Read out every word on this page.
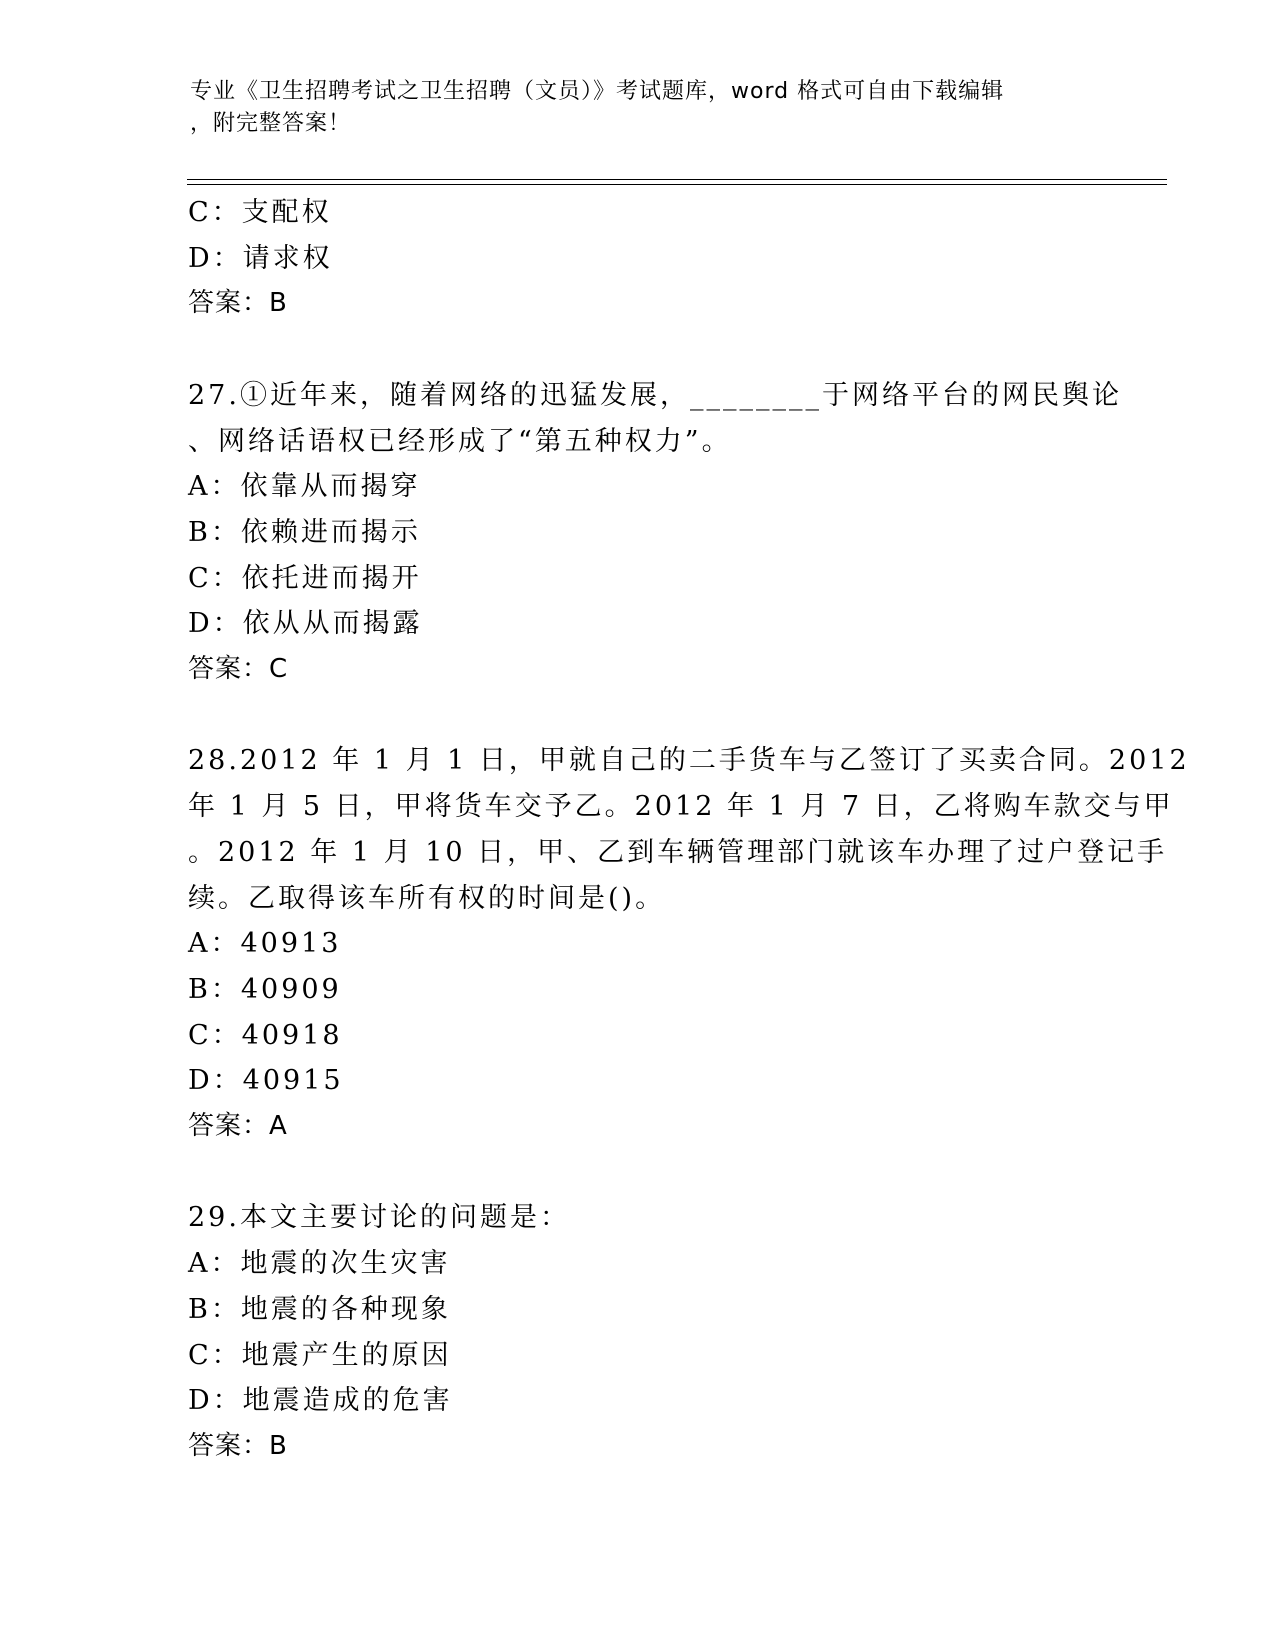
专业《卫生招聘考试之卫生招聘（文员）》考试题库，word 格式可自由下载编辑
，附完整答案！
C：支配权
D：请求权
答案：B
27.①近年来，随着网络的迅猛发展，________于网络平台的网民舆论
、网络话语权已经形成了“第五种权力”。
A：依靠从而揭穿
B：依赖进而揭示
C：依托进而揭开
D：依从从而揭露
答案：C
28.2012 年 1 月 1 日，甲就自己的二手货车与乙签订了买卖合同。2012
年 1 月 5 日，甲将货车交予乙。2012 年 1 月 7 日，乙将购车款交与甲
。2012 年 1 月 10 日，甲、乙到车辆管理部门就该车办理了过户登记手
续。乙取得该车所有权的时间是()。
A：40913
B：40909
C：40918
D：40915
答案：A
29.本文主要讨论的问题是：
A：地震的次生灾害
B：地震的各种现象
C：地震产生的原因
D：地震造成的危害
答案：B
